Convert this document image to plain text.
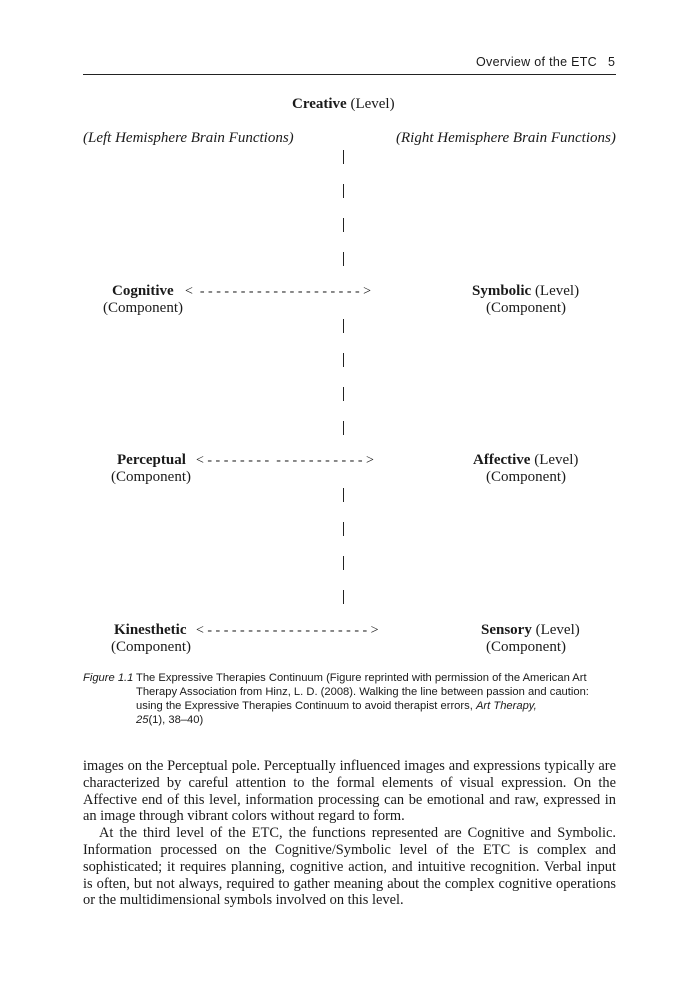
Overview of the ETC 5
Creative (Level)
(Left Hemisphere Brain Functions)	(Right Hemisphere Brain Functions)
Cognitive <  - - - - - - - - - - - - - - - - - - - - >	Symbolic (Level)
(Component)	(Component)
Perceptual < - - - - - - - -  - - - - - - - - - - - >	Affective (Level)
(Component)	(Component)
Kinesthetic < - - - - - - - - - - - - - - - - - - - - >	Sensory (Level)
(Component)	(Component)
Figure 1.1 The Expressive Therapies Continuum (Figure reprinted with permission of the American Art Therapy Association from Hinz, L. D. (2008). Walking the line between passion and caution: using the Expressive Therapies Continuum to avoid therapist errors, Art Therapy,
25(1), 38–40)

images on the Perceptual pole. Perceptually influenced images and expressions typically are characterized by careful attention to the formal elements of visual expression. On the Affective end of this level, information processing can be emotional and raw, expressed in an image through vibrant colors without regard to form.

At the third level of the ETC, the functions represented are Cognitive and Symbolic. Information processed on the Cognitive/Symbolic level of the ETC is complex and sophisticated; it requires planning, cognitive action, and intuitive recognition. Verbal input is often, but not always, required to gather meaning about the complex cognitive operations or the multidimensional symbols involved on this level.
